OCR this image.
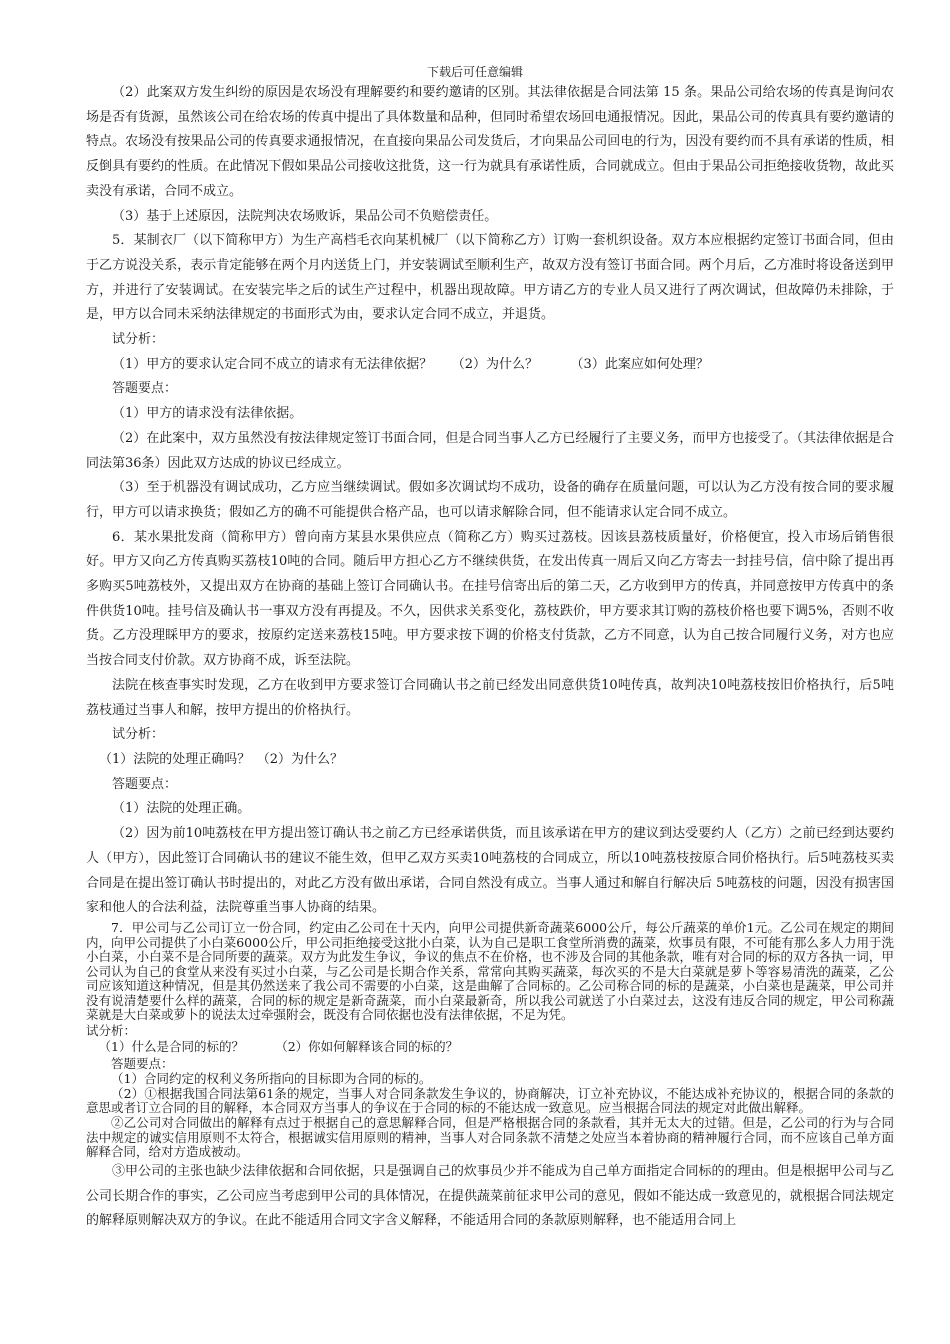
下载后可任意编辑

（2）此案双方发生纠纷的原因是农场没有理解要约和要约邀请的区别。其法律依据是合同法第 15 条。果品公司给农场的传真是询问农场是否有货源，虽然该公司在给农场的传真中提出了具体数量和品种，但同时希望农场回电通报情况。因此，果品公司的传真具有要约邀请的特点。农场没有按果品公司的传真要求通报情况，在直接向果品公司发货后，才向果品公司回电的行为，因没有要约而不具有承诺的性质，相反倒具有要约的性质。在此情况下假如果品公司接收这批货，这一行为就具有承诺性质，合同就成立。但由于果品公司拒绝接收货物，故此买卖没有承诺，合同不成立。

（3）基于上述原因，法院判决农场败诉，果品公司不负赔偿责任。

5．某制衣厂（以下简称甲方）为生产高档毛衣向某机械厂（以下简称乙方）订购一套机织设备。双方本应根据约定签订书面合同，但由于乙方说没关系，表示肯定能够在两个月内送货上门，并安装调试至顺利生产，故双方没有签订书面合同。两个月后，乙方准时将设备送到甲方，并进行了安装调试。在安装完毕之后的试生产过程中，机器出现故障。甲方请乙方的专业人员又进行了两次调试，但故障仍未排除，于是，甲方以合同未采纳法律规定的书面形式为由，要求认定合同不成立，并退货。

试分析：

（1）甲方的要求认定合同不成立的请求有无法律依据？　　（2）为什么？　　　（3）此案应如何处理？

答题要点：

（1）甲方的请求没有法律依据。

（2）在此案中，双方虽然没有按法律规定签订书面合同，但是合同当事人乙方已经履行了主要义务，而甲方也接受了。（其法律依据是合同法第36条）因此双方达成的协议已经成立。

（3）至于机器没有调试成功，乙方应当继续调试。假如多次调试均不成功，设备的确存在质量问题，可以认为乙方没有按合同的要求履行，甲方可以请求换货；假如乙方的确不可能提供合格产品，也可以请求解除合同，但不能请求认定合同不成立。

6．某水果批发商（简称甲方）曾向南方某县水果供应点（简称乙方）购买过荔枝。因该县荔枝质量好，价格便宜，投入市场后销售很好。甲方又向乙方传真购买荔枝10吨的合同。随后甲方担心乙方不继续供货，在发出传真一周后又向乙方寄去一封挂号信，信中除了提出再多购买5吨荔枝外，又提出双方在协商的基础上签订合同确认书。在挂号信寄出后的第二天，乙方收到甲方的传真，并同意按甲方传真中的条件供货10吨。挂号信及确认书一事双方没有再提及。不久，因供求关系变化，荔枝跌价，甲方要求其订购的荔枝价格也要下调5%，否则不收货。乙方没理睬甲方的要求，按原约定送来荔枝15吨。甲方要求按下调的价格支付货款，乙方不同意，认为自己按合同履行义务，对方也应当按合同支付价款。双方协商不成，诉至法院。

法院在核查事实时发现，乙方在收到甲方要求签订合同确认书之前已经发出同意供货10吨传真，故判决10吨荔枝按旧价格执行，后5吨荔枝通过当事人和解，按甲方提出的价格执行。

试分析：

（1）法院的处理正确吗？　（2）为什么？

答题要点：

（1）法院的处理正确。

（2）因为前10吨荔枝在甲方提出签订确认书之前乙方已经承诺供货，而且该承诺在甲方的建议到达受要约人（乙方）之前已经到达要约人（甲方），因此签订合同确认书的建议不能生效，但甲乙双方买卖10吨荔枝的合同成立，所以10吨荔枝按原合同价格执行。后5吨荔枝买卖合同是在提出签订确认书时提出的，对此乙方没有做出承诺，合同自然没有成立。当事人通过和解自行解决后 5吨荔枝的问题，因没有损害国家和他人的合法利益，法院尊重当事人协商的结果。

7．甲公司与乙公司订立一份合同，约定由乙公司在十天内，向甲公司提供新奇蔬菜6000公斤，每公斤蔬菜的单价1元。乙公司在规定的期间内，向甲公司提供了小白菜6000公斤，甲公司拒绝接受这批小白菜，认为自己是职工食堂所消费的蔬菜，炊事员有限，不可能有那么多人力用于洗小白菜，小白菜不是合同所要的蔬菜。双方为此发生争议，争议的焦点不在价格，也不涉及合同的其他条款，唯有对合同的标的双方各执一词，甲公司认为自己的食堂从来没有买过小白菜，与乙公司是长期合作关系，常常向其购买蔬菜，每次买的不是大白菜就是萝卜等容易清洗的蔬菜，乙公司应该知道这种情况，但是其仍然送来了我公司不需要的小白菜，这是曲解了合同标的。乙公司称合同的标的是蔬菜，小白菜也是蔬菜，甲公司并没有说清楚要什么样的蔬菜，合同的标的规定是新奇蔬菜，而小白菜最新奇，所以我公司就送了小白菜过去，这没有违反合同的规定，甲公司称蔬菜就是大白菜或萝卜的说法太过牵强附会，既没有合同依据也没有法律依据，不足为凭。

试分析：

（1）什么是合同的标的？　　　（2）你如何解释该合同的标的？

答题要点：

（1）合同约定的权利义务所指向的目标即为合同的标的。

（2）①根据我国合同法第61条的规定，当事人对合同条款发生争议的，协商解决，订立补充协议，不能达成补充协议的，根据合同的条款的意思或者订立合同的目的解释，本合同双方当事人的争议在于合同的标的不能达成一致意见。应当根据合同法的规定对此做出解释。

②乙公司对合同做出的解释有点过于根据自己的意思解释合同，但是严格根据合同的条款看，其并无太大的过错。但是，乙公司的行为与合同法中规定的诚实信用原则不太符合，根据诚实信用原则的精神，当事人对合同条款不清楚之处应当本着协商的精神履行合同，而不应该自己单方面解释合同，给对方造成被动。

③甲公司的主张也缺少法律依据和合同依据，只是强调自己的炊事员少并不能成为自己单方面指定合同标的的理由。但是根据甲公司与乙公司长期合作的事实，乙公司应当考虑到甲公司的具体情况，在提供蔬菜前征求甲公司的意见，假如不能达成一致意见的，就根据合同法规定的解释原则解决双方的争议。在此不能适用合同文字含义解释，不能适用合同的条款原则解释，也不能适用合同上
